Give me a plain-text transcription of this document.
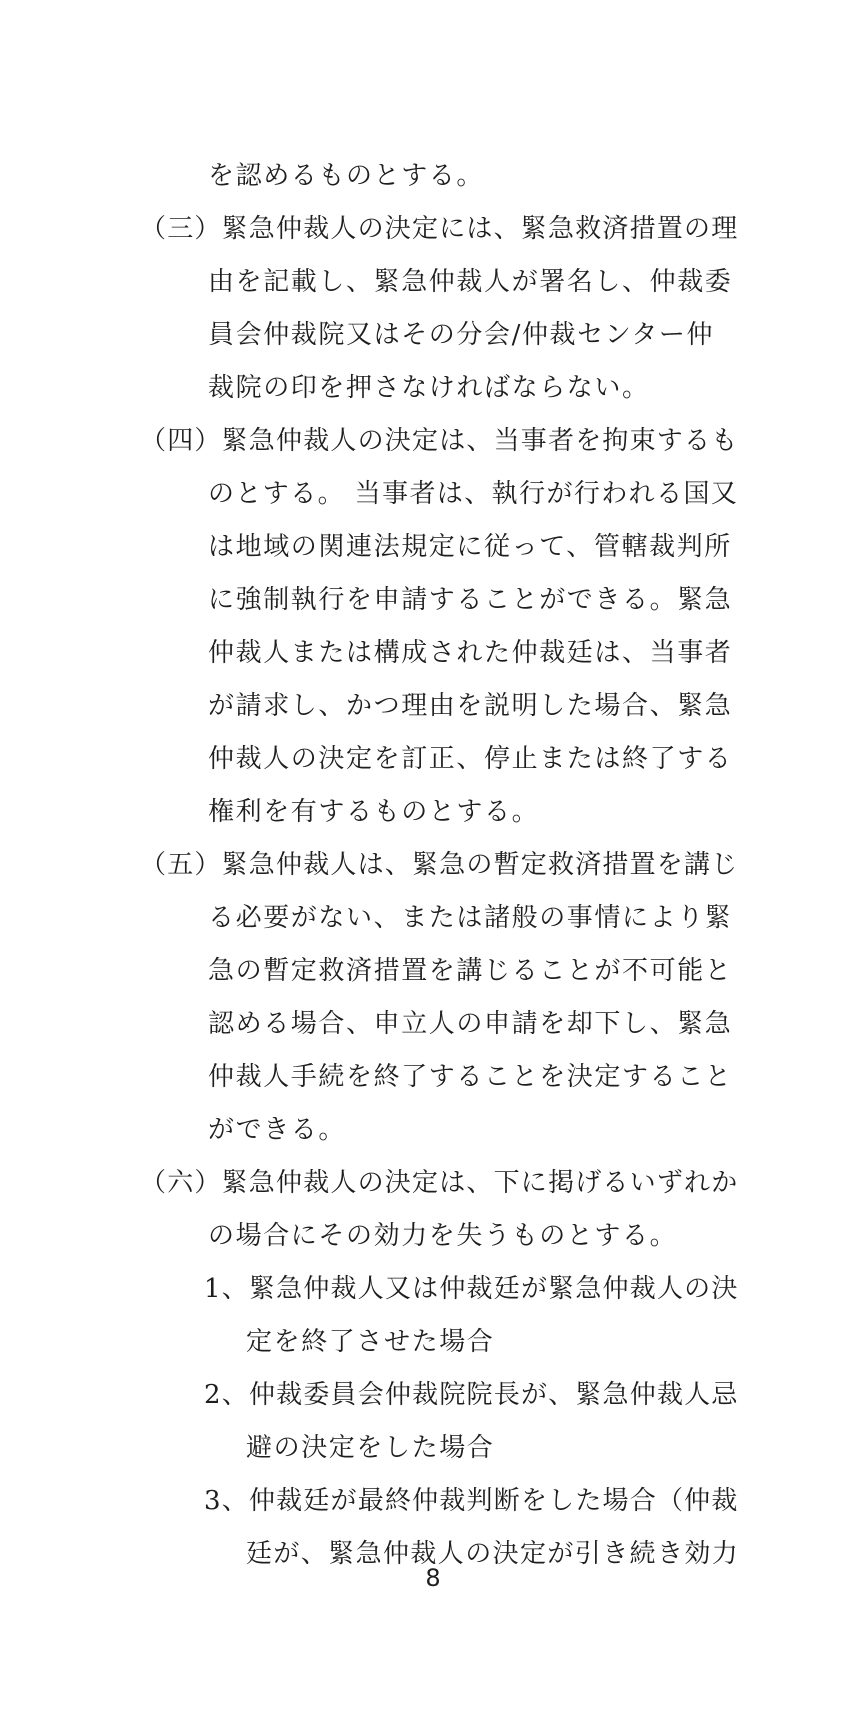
を認めるものとする。
（三）緊急仲裁人の決定には、緊急救済措置の理
由を記載し、緊急仲裁人が署名し、仲裁委
員会仲裁院又はその分会/仲裁センター仲
裁院の印を押さなければならない。
（四）緊急仲裁人の決定は、当事者を拘束するも
のとする。 当事者は、執行が行われる国又
は地域の関連法規定に従って、管轄裁判所
に強制執行を申請することができる。緊急
仲裁人または構成された仲裁廷は、当事者
が請求し、かつ理由を説明した場合、緊急
仲裁人の決定を訂正、停止または終了する
権利を有するものとする。
（五）緊急仲裁人は、緊急の暫定救済措置を講じ
る必要がない、または諸般の事情により緊
急の暫定救済措置を講じることが不可能と
認める場合、申立人の申請を却下し、緊急
仲裁人手続を終了することを決定すること
ができる。
（六）緊急仲裁人の決定は、下に掲げるいずれか
の場合にその効力を失うものとする。
1、緊急仲裁人又は仲裁廷が緊急仲裁人の決
定を終了させた場合
2、仲裁委員会仲裁院院長が、緊急仲裁人忌
避の決定をした場合
3、仲裁廷が最終仲裁判断をした場合（仲裁
廷が、緊急仲裁人の決定が引き続き効力
8
